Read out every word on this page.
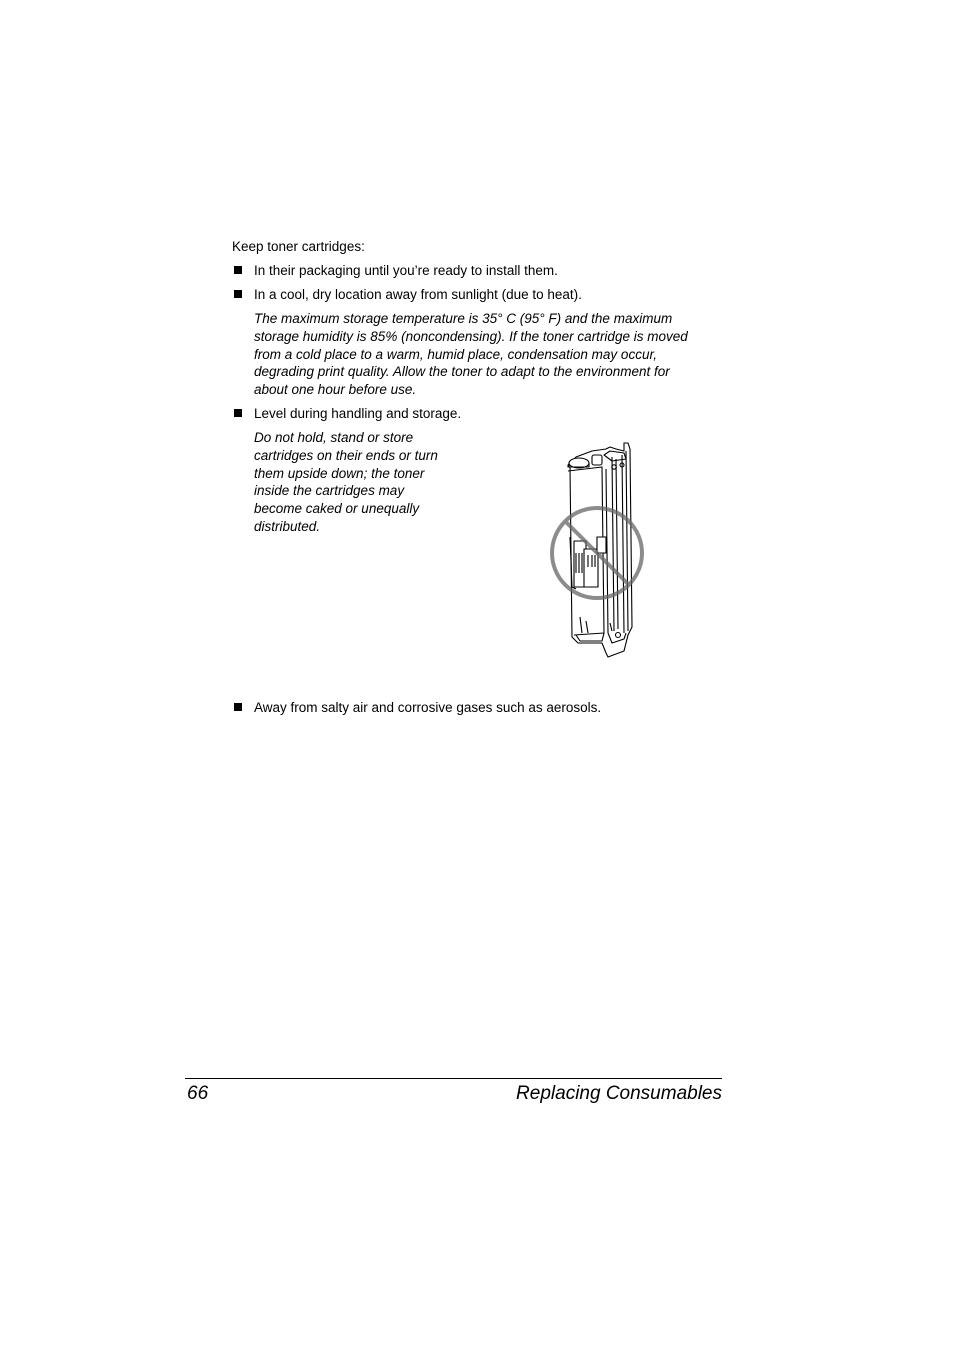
Keep toner cartridges:
In their packaging until you’re ready to install them.
In a cool, dry location away from sunlight (due to heat).
The maximum storage temperature is 35° C (95° F) and the maximum
storage humidity is 85% (noncondensing). If the toner cartridge is moved
from a cold place to a warm, humid place, condensation may occur,
degrading print quality. Allow the toner to adapt to the environment for
about one hour before use.
Level during handling and storage.
Do not hold, stand or store
cartridges on their ends or turn
them upside down; the toner
inside the cartridges may
become caked or unequally
distributed.
Away from salty air and corrosive gases such as aerosols.
66	Replacing Consumables
